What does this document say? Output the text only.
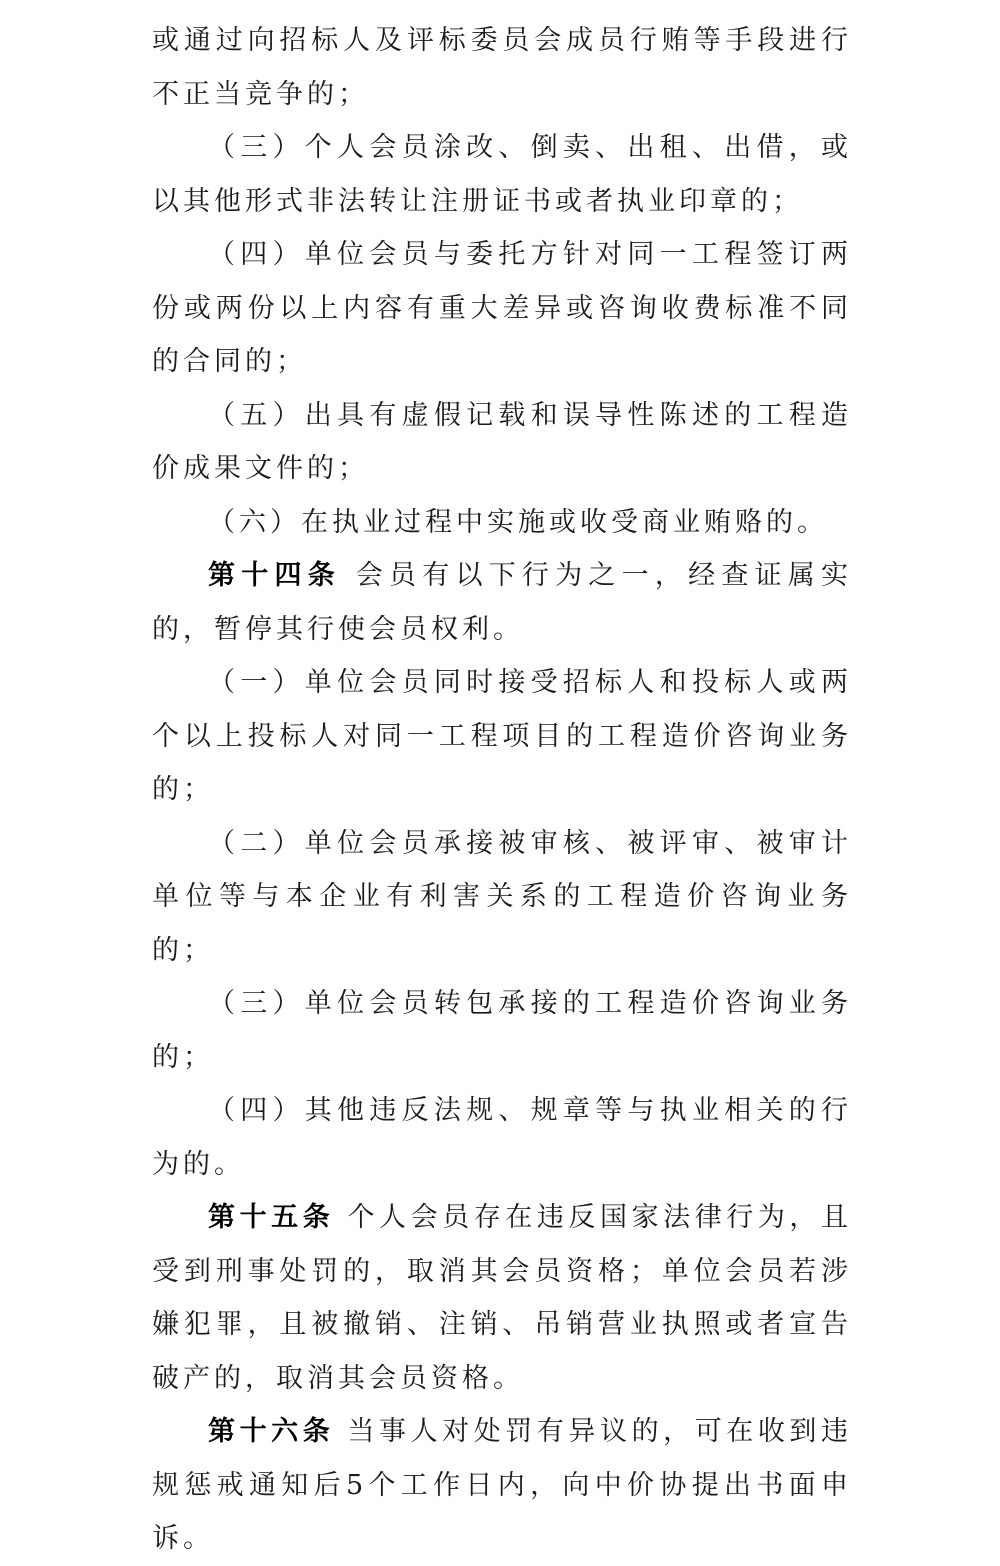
或通过向招标人及评标委员会成员行贿等手段进行不正当竞争的；

（三）个人会员涂改、倒卖、出租、出借，或以其他形式非法转让注册证书或者执业印章的；

（四）单位会员与委托方针对同一工程签订两份或两份以上内容有重大差异或咨询收费标准不同的合同的；

（五）出具有虚假记载和误导性陈述的工程造价成果文件的；

（六）在执业过程中实施或收受商业贿赂的。

第十四条 会员有以下行为之一，经查证属实的，暂停其行使会员权利。

（一）单位会员同时接受招标人和投标人或两个以上投标人对同一工程项目的工程造价咨询业务的；

（二）单位会员承接被审核、被评审、被审计单位等与本企业有利害关系的工程造价咨询业务的；

（三）单位会员转包承接的工程造价咨询业务的；

（四）其他违反法规、规章等与执业相关的行为的。

第十五条 个人会员存在违反国家法律行为，且受到刑事处罚的，取消其会员资格；单位会员若涉嫌犯罪，且被撤销、注销、吊销营业执照或者宣告破产的，取消其会员资格。

第十六条 当事人对处罚有异议的，可在收到违规惩戒通知后5个工作日内，向中价协提出书面申诉。
